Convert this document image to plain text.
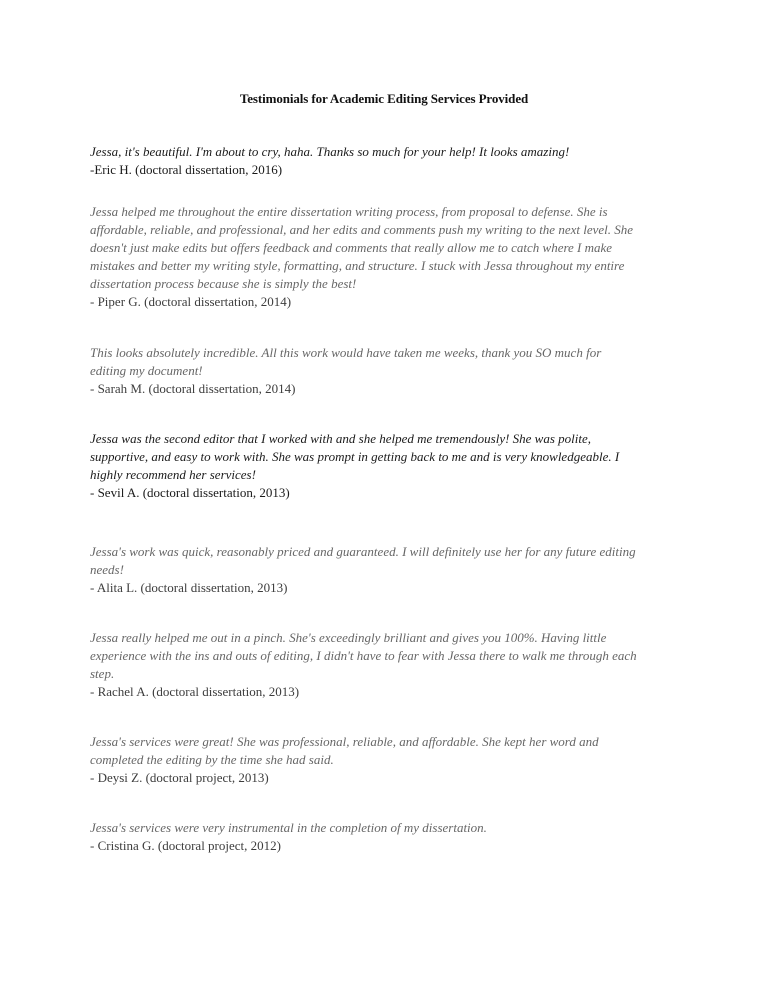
Testimonials for Academic Editing Services Provided

Jessa, it's beautiful. I'm about to cry, haha. Thanks so much for your help! It looks amazing!

-Eric H. (doctoral dissertation, 2016)

Jessa helped me throughout the entire dissertation writing process, from proposal to defense. She is
affordable, reliable, and professional, and her edits and comments push my writing to the next level. She
doesn't just make edits but offers feedback and comments that really allow me to catch where I make
mistakes and better my writing style, formatting, and structure. I stuck with Jessa throughout my entire
dissertation process because she is simply the best!

- Piper G. (doctoral dissertation, 2014)

This looks absolutely incredible. All this work would have taken me weeks, thank you SO much for
editing my document!

- Sarah M. (doctoral dissertation, 2014)

Jessa was the second editor that I worked with and she helped me tremendously! She was polite,
supportive, and easy to work with. She was prompt in getting back to me and is very knowledgeable. I
highly recommend her services!

- Sevil A. (doctoral dissertation, 2013)

Jessa's work was quick, reasonably priced and guaranteed. I will definitely use her for any future editing
needs!

- Alita L. (doctoral dissertation, 2013)

Jessa really helped me out in a pinch. She's exceedingly brilliant and gives you 100%. Having little
experience with the ins and outs of editing, I didn't have to fear with Jessa there to walk me through each
step.

- Rachel A. (doctoral dissertation, 2013)

Jessa's services were great! She was professional, reliable, and affordable. She kept her word and
completed the editing by the time she had said.

- Deysi Z. (doctoral project, 2013)

Jessa's services were very instrumental in the completion of my dissertation.

- Cristina G. (doctoral project, 2012)
